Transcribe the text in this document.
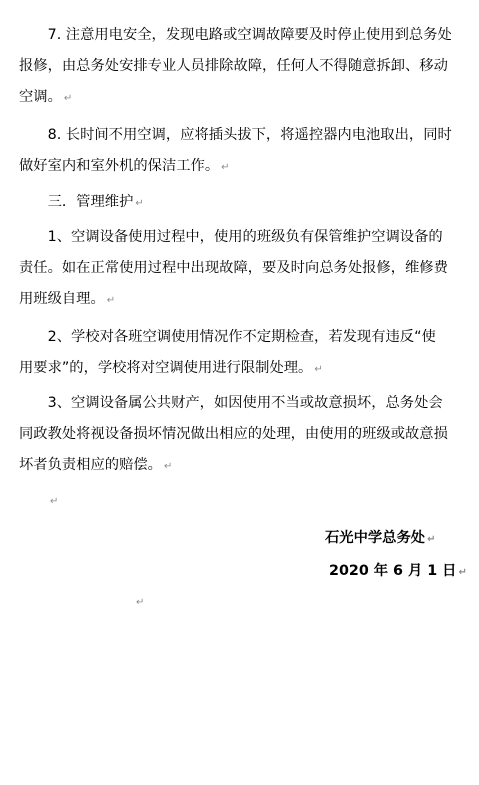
　　7. 注意用电安全，发现电路或空调故障要及时停止使用到总务处
报修，由总务处安排专业人员排除故障，任何人不得随意拆卸、移动
空调。 ↵

　　8. 长时间不用空调，应将插头拔下，将遥控器内电池取出，同时
做好室内和室外机的保洁工作。 ↵

　　三．管理维护 ↵

　　1、空调设备使用过程中，使用的班级负有保管维护空调设备的
责任。如在正常使用过程中出现故障，要及时向总务处报修，维修费
用班级自理。 ↵

　　2、学校对各班空调使用情况作不定期检查，若发现有违反“使
用要求”的，学校将对空调使用进行限制处理。 ↵

　　3、空调设备属公共财产，如因使用不当或故意损坏，总务处会
同政教处将视设备损坏情况做出相应的处理，由使用的班级或故意损
坏者负责相应的赔偿。 ↵

↵
石光中学总务处 ↵
2020 年 6 月 1 日 ↵
↵
